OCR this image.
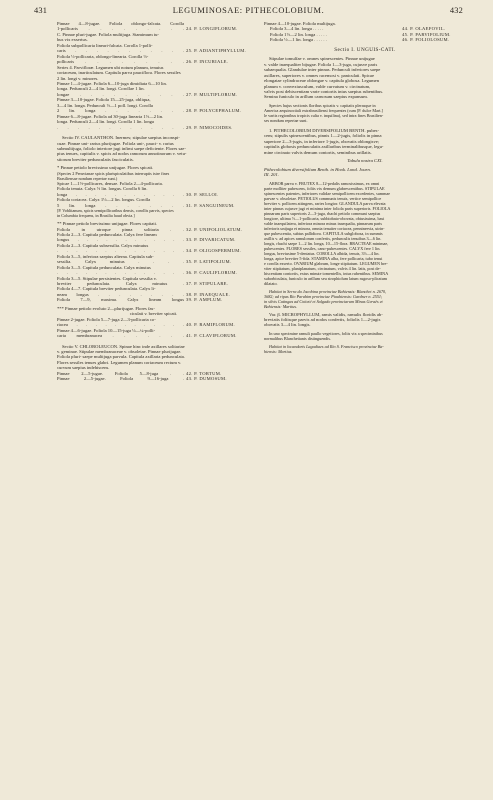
431	LEGUMINOSAE: PITHECOLOBIUM.	432
Pinnae 4—8-jugae. Foliola oblongo-falcata. Corolla
1-pollicaris . . . . . . . . . 24. P. LONGIFLORUM.
C. Pinnae pluri-jugae. Foliola multijuga. Stamimum tu-
bus vix exsertus.
Foliola subpollicaria lineari-falcata. Corolla 1-polli-
caris . . . . . . . . . . . 25. P. ADIANTIPHYLLUM.
Foliola ⅓-pollicaria, oblongo-linearia. Corolla ⅓-
pollicaris . . . . . . . . . 26. P. INCURIALE.
Series 4. Parvifloræ. Legumen ubi notum planum, tenuius
coriaceum, inarticulatum. Capitula parva pauciflora. Flores sessiles
2 lin. longi v. minores.
Pinnae 1—4-jugae. Foliola 6—10-juga dimidiata 6—10 lin.
longa. Pedunculi 2—4 lin. longi. Corollae 1 lin.
longae . . . . . . . . . . 27. P. MULTIFLORUM.
Pinnae 3—10-jugae. Foliola 15—25-juga, obliqua,
3—4 lin. longa. Pedunculi ½—1 poll. longi. Corolla
2 lin. longa . . . . . . . . 28. P. POLYCEPHALUM.
Pinnae 6—8-jugae. Foliola ad 30-juga linearia 1½—2 lin.
longa. Pedunculi 2—4 lin. longi. Corolla 1 lin. longa
. . . . . . . . . . . . . 29. P. NIMOCOIDES.
Sectio IV. CAULANTHON. Inermes; stipulae saepius inconspi-
cuae. Pinnae uni- rarius plurijugae. Foliola uni-, pauci- v. rarius
submultijuga, foliolo interiore jugi infimi saepe deficiente. Flores sae-
pius tenues, capitulis v. spicis ad nodos ramorum annotinorum v. vetu-
stiorum breviter pedunculatis fasciculatis.
* Pinnae petiolo brevissimo unijugae. Flores spicati.
(Species 2 Peruvianae spicis plurispiculatibus interruptis istre fines
Brasiliensae nondum repertae sunt.)
Spicae 1—1½-pollicares, densae. Foliola 2—4-pollicaria.
Foliola tenuia. Calyx ½ lin. longus. Corolla 6 lin.
longa . . . . . . . . . . . . 30. P. SELLOI.
Foliola coriacea. Calyx 1⅓—2 lin. longus. Corolla
5 lin. longa . . . . . . . . 31. P. SANGUINEUM.
[P. Voblitanum, spicis semipollicaribus densis, corollis parvis, species
in Columbia frequens, in Brasilia haud obvia.]
** Pinnae petiolo brevissimo unijugae. Flores capitati.
Foliola in utroque pinna solitaria . . 32. P. UNIFOLIOLATUM.
Foliola 2—3. Capitula pedunculata. Calyx fere lineam
longus . . . . . . . . . . . . 33. P. DIVARICATUM.
Foliola 2—3. Capitula subsessilia. Calyx minutus
. . . . . . . . . . . . . . 34. P. OLIGOSPERMUM.
Foliola 3—5, inferiora saepius alterna. Capitula sub-
sessilia. Calyx minutus . . . . 35. P. LATIFOLIUM.
Foliola 3—5. Capitula pedunculata. Calyx minutus
. . . . . . . . . . . . . . 36. P. CAULIFLORUM.
Foliola 3—5. Stipulae persistentes. Capitula sessilia v.
breviter pedunculata. Calyx minutus . 37. P. STIPULARE.
Foliola 4—7. Capitula breviter pedunculata. Calyx li-
neam longus . . . . . . . . . 38. P. INAEQUALE.
Foliola 7—9, maxima. Calyx lineam longus 39. P. AMPLUM.
*** Pinnae petiolo evoluto 2—plurijugae. Flores fas-
ciculati v. breviter spicati.
Pinnae 2-jugae. Foliola 5—7-juga 2—3-pollicaria co-
riacea . . . . . . . . . . . . 40. P. RAMIFLORUM.
Pinnae 4—6-jugae. Foliola 10—15-juga ⅓—¼-polli-
caria membranacea . . . . . . . 41. P. CLAVIFLORUM.
Sectio V. CHLOROLEUCON. Spinae hinc inde axillares solitariae
v. geminae. Stipulae membranaceae v. obsoletae. Pinnae plurijugae.
Foliola pluri- saepe multijuga parvula. Capitula axillaria pedunculata.
Flores sessiles tenues glabri. Legumen planum coriaceum rectum v.
curvum saepius indehiscens.
Pinnae 2—5-jugae. Foliola 5—8-juga . . 42. P. TORTUM.
Pinnae 2—5-jugae. Foliola 9—16-juga . 43. P. DUMOSUM.
Pinnae 4—10-jugae. Foliola multijuga.
Foliola 3—4 lin. longa . . . . .	44. P. OLAEFOVIL.
Foliola 1½—2 lin. longa . . . . .	45. P. PARVIFOLIUM.
Foliola ½—1 lin. longa . . . . . .	46. P. FOLIOLOSUM.
Sectio I. UNGUIS-CATI.
Stipulae tomulfae v. omnes spinescentes. Pinnae unijugae
v. valde inaequaliter bijugae. Foliola 1—3-juga, cujusve paris
subaequalia. Glandulae inter pinnas. Pedunculi inferiores saepe
axillares, superiores v. omnes racemosi v. paniculati. Spicae
elongatae cylindraceae oblongae v. capitula globosa. Legumen
planum v. convexiusculum, valde curvatum v. circinatum,
valvis post dehiscentiam varie contortis intus saepius rubentibus.
Semina funiculo in arillum carnosum saepius expansum.
Species hujus sectionis floribus spicatis v. capitatis plerasque in
America aequinoctiali extrabrasiliensi frequentes (cum [P. dulce Mart.]
le variis regionibus tropicis culta v. inquilina), sed intra fines Brasilien-
ses nondum repertae sunt.
1. PITHECOLOBIUM DIVERSIFOLIUM BENTH. pubes-
cens; stipulis spinescentibus, pinnis 1—2-jugis, foliolis in pinna
superiore 2—3-jugis, in inferiore 1-jugis, obovatis oblongisve;
capitulis globosis pedunculatis axillaribus terminalibusque, legu-
mine circinato valvis demum contortis, seminibus arillatis.
Tabula nostra CXI.
Pithecolobium diversifolium Benth. in Hook. Lond. Journ.
III. 201.
ARBOR parva v. FRUTEX 8—12-pedalis ramosissimus, ex omni
parte molliter pubescens, foliis vix demum glabrescentibus. STIPULAE
spinescentes patentes, inferiores validae semipollicem excedentes, summae
parvae v. obsoletae. PETIOLUS communis tenuis, vertice semipollice
breviter v. pollicem attingens, raries longior. GLANDULA parva elevata
inter pinnas cujusve jugi et minima inter foliola paris superioris. FOLIOLA
pinnarum paris superioris 2—3-juga, rhachi petiolo communi saepius
longiore, ultima ½—1-pollicaria, subbiobato-obovata, obtusissima, basi
valde inaequilatera, inferiora minora minus inaequalia, pinnarum paris
inferioris unijuga et minora, omnia tenuiter coriacea, penninervia, utrin-
que pubescentia, subtus pallidiora. CAPITULA subglobosa, in summis
axillis v. ad apices ramulorum confertis, pedunculis tenuibus 3—6 lin.
longis, rhachi saepe 1—2 lin. longa, 10—15-flora. BRACTEAE minimae,
pubescentes. FLORES sessiles, cano-pubescentes. CALYX fere 1 lin.
longus, breviusime 5-dentatus. COROLLA albida, tenuis, 3⅓—4 lin.
longa, apice breviter 5-fida. STAMINA alba, fere pollicaria, tubo tenui
e corolla exserto. OVARIUM glabrum, longe stipitatum. LEGUMEN bre-
viter stipitatum, planiplanatum, circinatum, valvis 4 lin. latis, post de-
hiscentiam contortis, extus minute tomentellis, intus rubentibus. SEMINA
suborbiculata, funiculo in arillum seu strophiolum latum rugoso-plicatum
dilatato.
Habitat in Serra da Jacobina provinciae Bahiensis: Blanchet n. 2670,
3682; ad ripas Rio Parahim provinciae Piauhiensis: Gardner n. 2551;
in silvis Catingas ad Coiteté et Salgado provinciarum Minas Geraës et
Bahiensis: Martius.
Var. β. MICROPHYLLUM, ramis validis, ramulis floridis ab-
breviatis foliisque parvis ad nodos confertis, foliolis 1—2-jugis
obovatis 3—4 lin. longis.
In uno specimine ramuli paullo vegetiores, foliis vix a speciminibus
normalibus Blanchetianis distinguendis.
Habitat in locandaris Lagadiaes ad Rio S. Francisco provinciae Ba-
hiensis: Martius.
